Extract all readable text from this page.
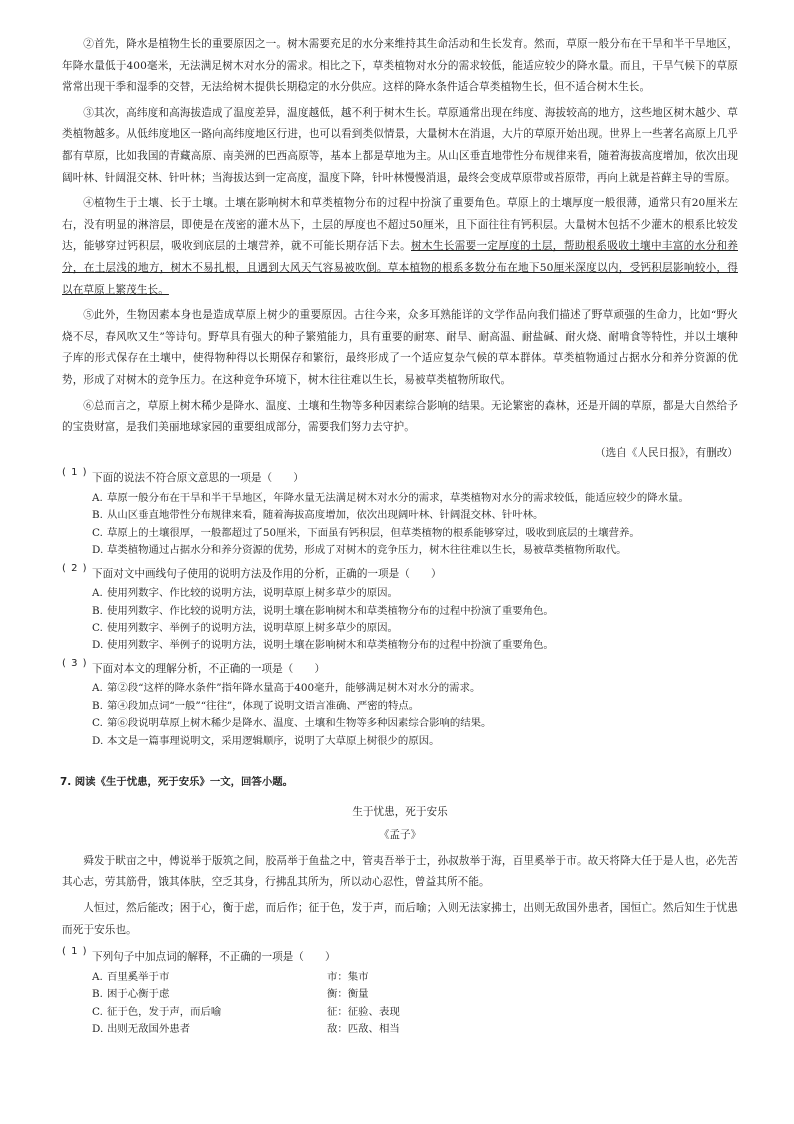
②首先，降水是植物生长的重要原因之一。树木需要充足的水分来维持其生命活动和生长发育。然而，草原一般分布在干旱和半干旱地区，年降水量低于400毫米，无法满足树木对水分的需求。相比之下，草类植物对水分的需求较低，能适应较少的降水量。而且，干旱气候下的草原常常出现干季和湿季的交替，无法给树木提供长期稳定的水分供应。这样的降水条件适合草类植物生长，但不适合树木生长。

③其次，高纬度和高海拔造成了温度差异，温度越低，越不利于树木生长。草原通常出现在纬度、海拔较高的地方，这些地区树木越少、草类植物越多。从低纬度地区一路向高纬度地区行进，也可以看到类似情景，大量树木在消退，大片的草原开始出现。世界上一些著名高原上几乎都有草原，比如我国的青藏高原、南美洲的巴西高原等，基本上都是草地为主。从山区垂直地带性分布规律来看，随着海拔高度增加，依次出现阔叶林、针阔混交林、针叶林；当海拔达到一定高度，温度下降，针叶林慢慢消退，最终会变成草原带或苔原带，再向上就是苔藓主导的雪原。

④植物生于土壤、长于土壤。土壤在影响树木和草类植物分布的过程中扮演了重要角色。草原上的土壤厚度一般很薄，通常只有20厘米左右，没有明显的淋溶层，即使是在茂密的灌木丛下，土层的厚度也不超过50厘米，且下面往往有钙积层。大量树木包括不少灌木的根系比较发达，能够穿过钙积层，吸收到底层的土壤营养，就不可能长期存活下去。树木生长需要一定厚度的土层，帮助根系吸收土壤中丰富的水分和养分，在土层浅的地方，树木不易扎根，且遇到大风天气容易被吹倒。草本植物的根系多数分布在地下50厘米深度以内，受钙积层影响较小，得以在草原上繁茂生长。

⑤此外，生物因素本身也是造成草原上树少的重要原因。古往今来，众多耳熟能详的文学作品向我们描述了野草顽强的生命力，比如“野火烧不尽，春风吹又生”等诗句。野草具有强大的种子繁殖能力，具有重要的耐寒、耐旱、耐高温、耐盐碱、耐火烧、耐啃食等特性，并以土壤种子库的形式保存在土壤中，使得物种得以长期保存和繁衍，最终形成了一个适应复杂气候的草本群体。草类植物通过占据水分和养分资源的优势，形成了对树木的竞争压力。在这种竞争环境下，树木往往难以生长，易被草类植物所取代。

⑥总而言之，草原上树木稀少是降水、温度、土壤和生物等多种因素综合影响的结果。无论繁密的森林，还是开阔的草原，都是大自然给予的宝贵财富，是我们美丽地球家园的重要组成部分，需要我们努力去守护。

（选自《人民日报》，有删改）
( 1 ) 下面的说法不符合原文意思的一项是（　　）
A. 草原一般分布在干旱和半干旱地区，年降水量无法满足树木对水分的需求，草类植物对水分的需求较低，能适应较少的降水量。
B. 从山区垂直地带性分布规律来看，随着海拔高度增加，依次出现阔叶林、针阔混交林、针叶林。
C. 草原上的土壤很厚，一般都超过了50厘米，下面虽有钙积层，但草类植物的根系能够穿过，吸收到底层的土壤营养。
D. 草类植物通过占据水分和养分资源的优势，形成了对树木的竞争压力，树木往往难以生长，易被草类植物所取代。
( 2 ) 下面对文中画线句子使用的说明方法及作用的分析，正确的一项是（　　）
A. 使用列数字、作比较的说明方法，说明草原上树多草少的原因。
B. 使用列数字、作比较的说明方法，说明土壤在影响树木和草类植物分布的过程中扮演了重要角色。
C. 使用列数字、举例子的说明方法，说明草原上树多草少的原因。
D. 使用列数字、举例子的说明方法，说明土壤在影响树木和草类植物分布的过程中扮演了重要角色。
( 3 ) 下面对本文的理解分析，不正确的一项是（　　）
A. 第②段“这样的降水条件”指年降水量高于400毫升，能够满足树木对水分的需求。
B. 第④段加点词“一般”“往往”，体现了说明文语言准确、严密的特点。
C. 第⑥段说明草原上树木稀少是降水、温度、土壤和生物等多种因素综合影响的结果。
D. 本文是一篇事理说明文，采用逻辑顺序，说明了大草原上树很少的原因。
7. 阅读《生于忧患，死于安乐》一文，回答小题。
生于忧患，死于安乐
《孟子》

舜发于畎亩之中，傅说举于版筑之间，胶鬲举于鱼盐之中，管夷吾举于士，孙叔敖举于海，百里奚举于市。故天将降大任于是人也，必先苦其心志，劳其筋骨，饿其体肤，空乏其身，行拂乱其所为，所以动心忍性，曾益其所不能。

人恒过，然后能改；困于心，衡于虑，而后作；征于色，发于声，而后喻；入则无法家拂士，出则无敌国外患者，国恒亡。然后知生于忧患而死于安乐也。

( 1 ) 下列句子中加点词的解释，不正确的一项是（　　）
A. 百里奚举于市	市：集市
B. 困于心衡于虑	衡：衡量
C. 征于色，发于声，而后喻	征：征验、表现
D. 出则无敌国外患者	敌：匹敌、相当
